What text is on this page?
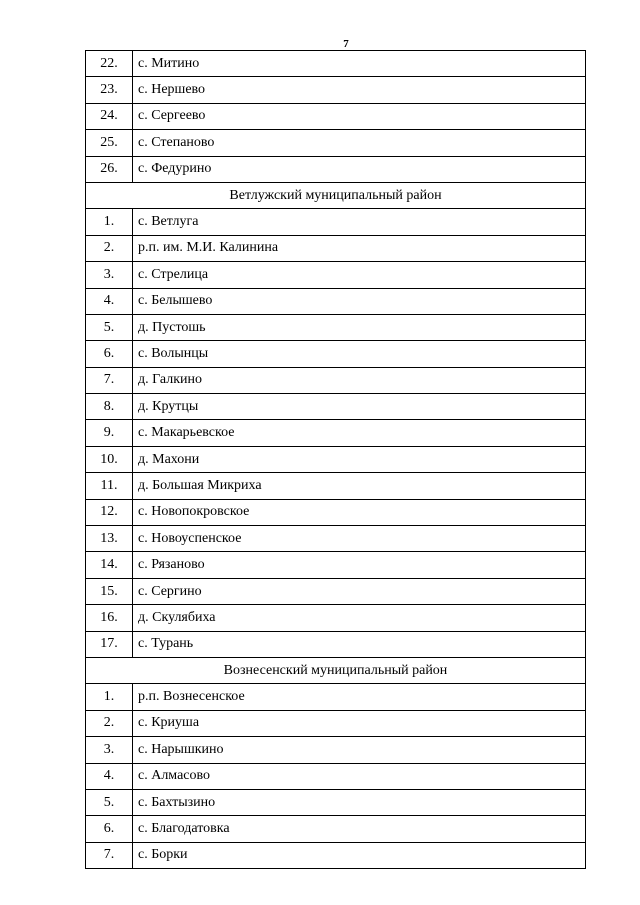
7
22.	с. Митино
23.	с. Нершево
24.	с. Сергеево
25.	с. Степаново
26.	с. Федурино
Ветлужский муниципальный район	
1.	с. Ветлуга
2.	р.п. им. М.И. Калинина
3.	с. Стрелица
4.	с. Белышево
5.	д. Пустошь
6.	с. Волынцы
7.	д. Галкино
8.	д. Крутцы
9.	с. Макарьевское
10.	д. Махони
11.	д. Большая Микриха
12.	с. Новопокровское
13.	с. Новоуспенское
14.	с. Рязаново
15.	с. Сергино
16.	д. Скулябиха
17.	с. Турань
Вознесенский муниципальный район	
1.	р.п. Вознесенское
2.	с. Криуша
3.	с. Нарышкино
4.	с. Алмасово
5.	с. Бахтызино
6.	с. Благодатовка
7.	с. Борки
